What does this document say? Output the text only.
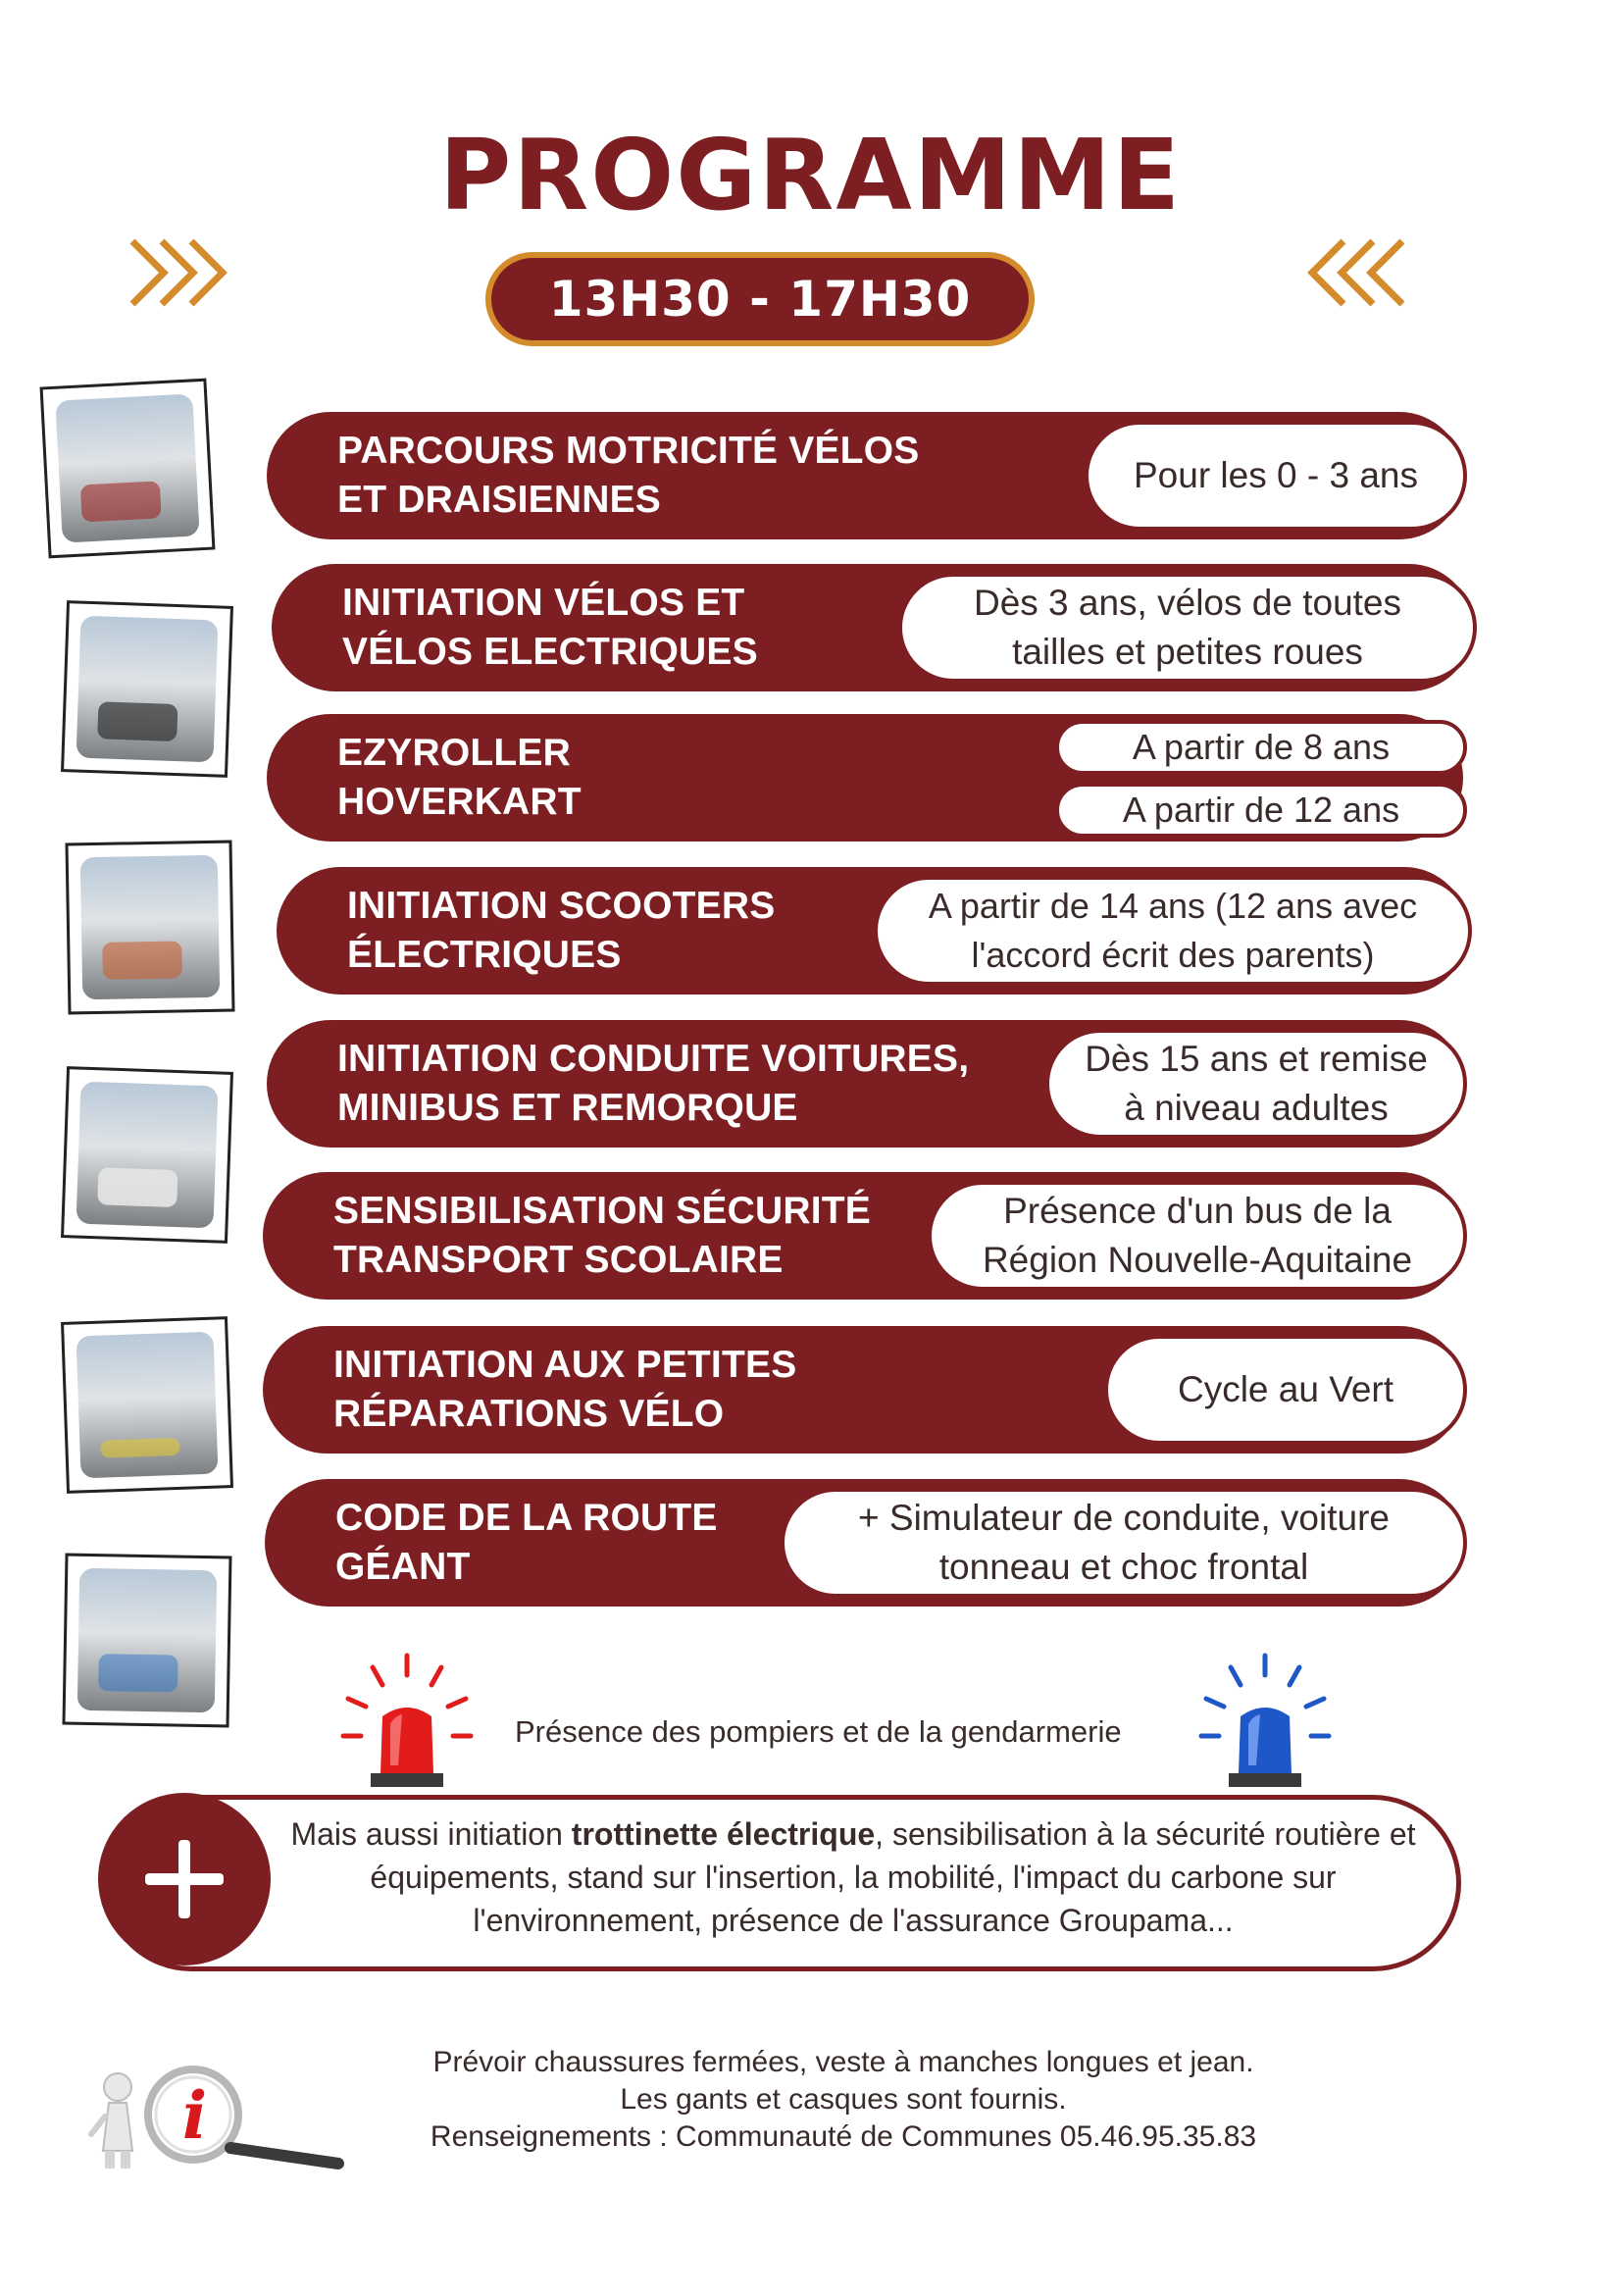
PROGRAMME
13H30 - 17H30
PARCOURS MOTRICITÉ VÉLOS
ET DRAISIENNES
Pour les 0 - 3 ans
INITIATION VÉLOS ET
VÉLOS ELECTRIQUES
Dès 3 ans, vélos de toutes
tailles et petites roues
EZYROLLER
HOVERKART
A partir de 8 ans
A partir de 12 ans
INITIATION SCOOTERS
ÉLECTRIQUES
A partir de 14 ans (12 ans avec
l'accord écrit des parents)
INITIATION CONDUITE VOITURES,
MINIBUS ET REMORQUE
Dès 15 ans et remise
à niveau adultes
SENSIBILISATION SÉCURITÉ
TRANSPORT SCOLAIRE
Présence d'un bus de la
Région Nouvelle-Aquitaine
INITIATION AUX PETITES
RÉPARATIONS VÉLO
Cycle au Vert
CODE DE LA ROUTE
GÉANT
+ Simulateur de conduite, voiture
tonneau et choc frontal
Présence des pompiers et de la gendarmerie
Mais aussi initiation trottinette électrique, sensibilisation à la sécurité routière et équipements, stand sur l'insertion, la mobilité, l'impact du carbone sur l'environnement, présence de l'assurance Groupama...
i
Prévoir chaussures fermées, veste à manches longues et jean.
Les gants et casques sont fournis.
Renseignements : Communauté de Communes 05.46.95.35.83
